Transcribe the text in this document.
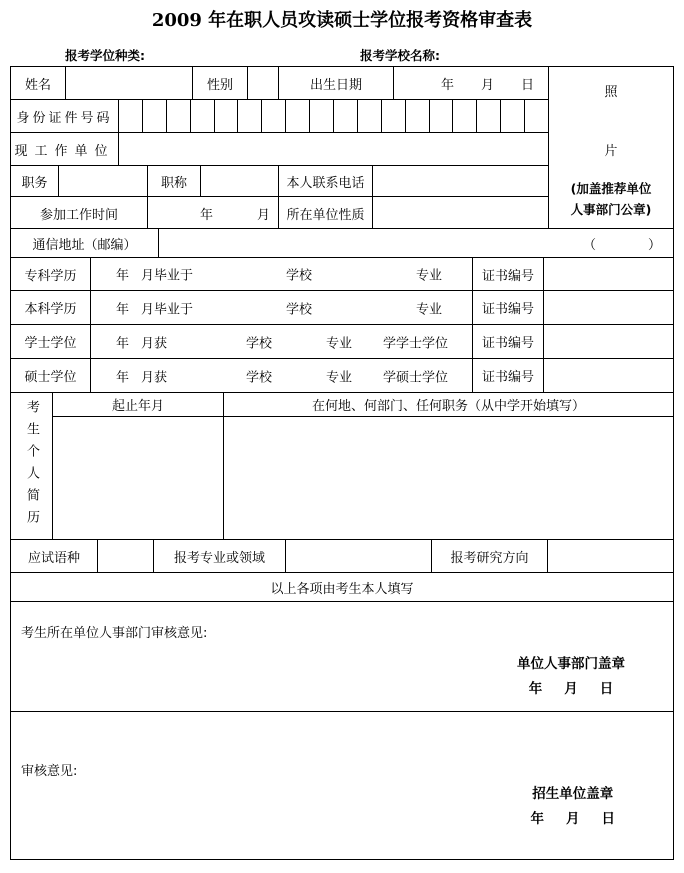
2009 年在职人员攻读硕士学位报考资格审查表
报考学位种类:	报考学校名称:
姓名	性别	出生日期	年 月 日
身份证件号码
现工作单位
职务	职称	本人联系电话
参加工作时间	年	月	所在单位性质
照
片
(加盖推荐单位
人事部门公章)
通信地址（邮编）	（　　　　）
专科学历	年 月毕业于	学校	专业	证书编号
本科学历	年 月毕业于	学校	专业	证书编号
学士学位	年 月获	学校	专业 学学士学位	证书编号
硕士学位	年 月获	学校	专业 学硕士学位	证书编号
考生个人简历	起止年月	在何地、何部门、任何职务（从中学开始填写）
应试语种	报考专业或领域	报考研究方向
以上各项由考生本人填写
考生所在单位人事部门审核意见:
单位人事部门盖章
年 月 日
审核意见:
招生单位盖章
年 月 日
